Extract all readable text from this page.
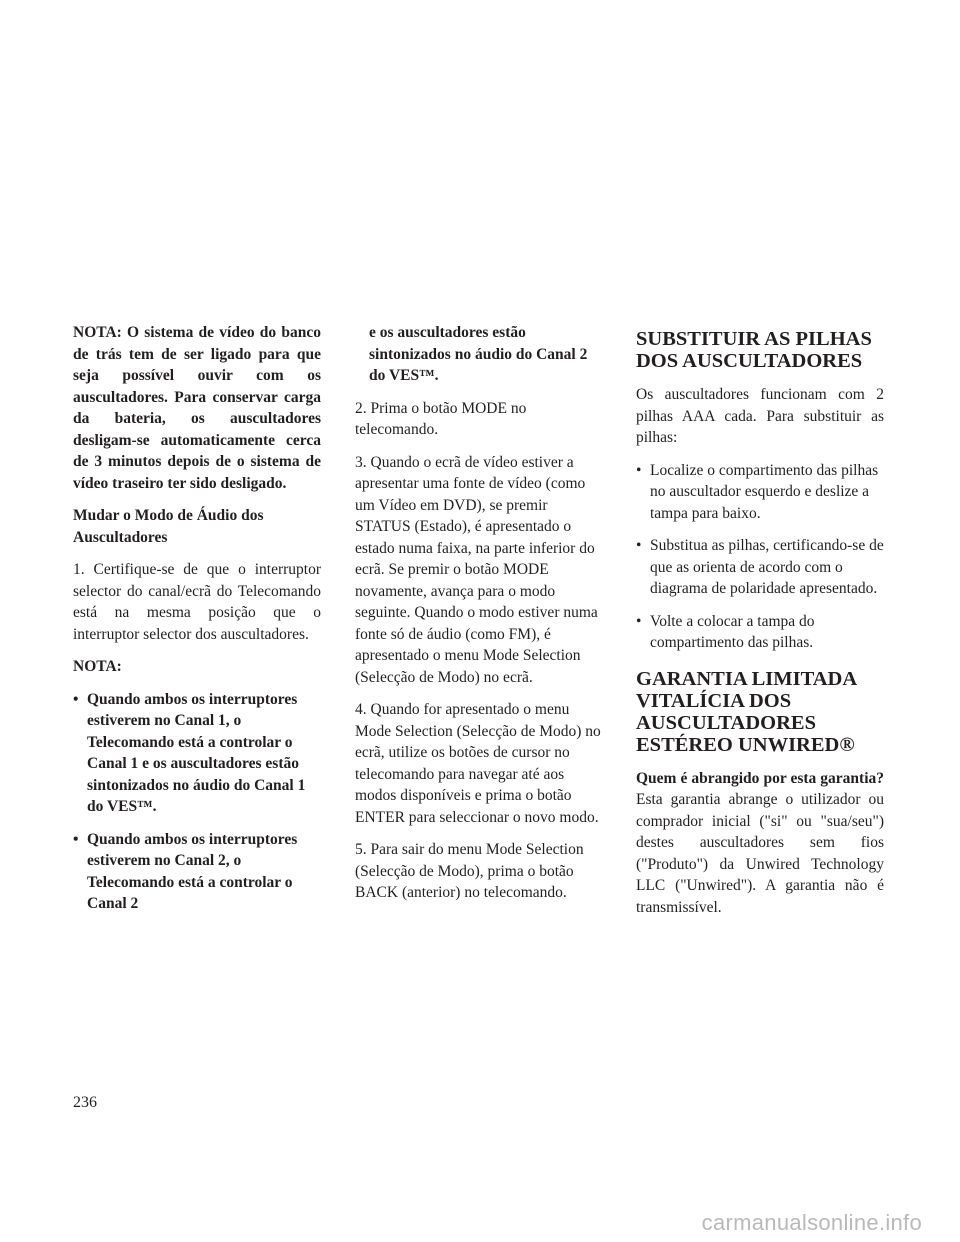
NOTA: O sistema de vídeo do banco de trás tem de ser ligado para que seja possível ouvir com os auscultadores. Para conservar carga da bateria, os auscultadores desligam-se automaticamente cerca de 3 minutos depois de o sistema de vídeo traseiro ter sido desligado.

Mudar o Modo de Áudio dos Auscultadores

1. Certifique-se de que o interruptor selector do canal/ecrã do Telecomando está na mesma posição que o interruptor selector dos auscultadores.

NOTA:

• Quando ambos os interruptores estiverem no Canal 1, o Telecomando está a controlar o Canal 1 e os auscultadores estão sintonizados no áudio do Canal 1 do VES™.
• Quando ambos os interruptores estiverem no Canal 2, o Telecomando está a controlar o Canal 2

e os auscultadores estão sintonizados no áudio do Canal 2 do VES™.

2. Prima o botão MODE no telecomando.

3. Quando o ecrã de vídeo estiver a apresentar uma fonte de vídeo (como um Vídeo em DVD), se premir STATUS (Estado), é apresentado o estado numa faixa, na parte inferior do ecrã. Se premir o botão MODE novamente, avança para o modo seguinte. Quando o modo estiver numa fonte só de áudio (como FM), é apresentado o menu Mode Selection (Selecção de Modo) no ecrã.

4. Quando for apresentado o menu Mode Selection (Selecção de Modo) no ecrã, utilize os botões de cursor no telecomando para navegar até aos modos disponíveis e prima o botão ENTER para seleccionar o novo modo.

5. Para sair do menu Mode Selection (Selecção de Modo), prima o botão BACK (anterior) no telecomando.

SUBSTITUIR AS PILHAS DOS AUSCULTADORES

Os auscultadores funcionam com 2 pilhas AAA cada. Para substituir as pilhas:

• Localize o compartimento das pilhas no auscultador esquerdo e deslize a tampa para baixo.
• Substitua as pilhas, certificando-se de que as orienta de acordo com o diagrama de polaridade apresentado.
• Volte a colocar a tampa do compartimento das pilhas.
GARANTIA LIMITADA VITALÍCIA DOS AUSCULTADORES ESTÉREO UNWIRED®

Quem é abrangido por esta garantia? Esta garantia abrange o utilizador ou comprador inicial ("si" ou "sua/seu") destes auscultadores sem fios ("Produto") da Unwired Technology LLC ("Unwired"). A garantia não é transmissível.

236
carmanualsonline.info
